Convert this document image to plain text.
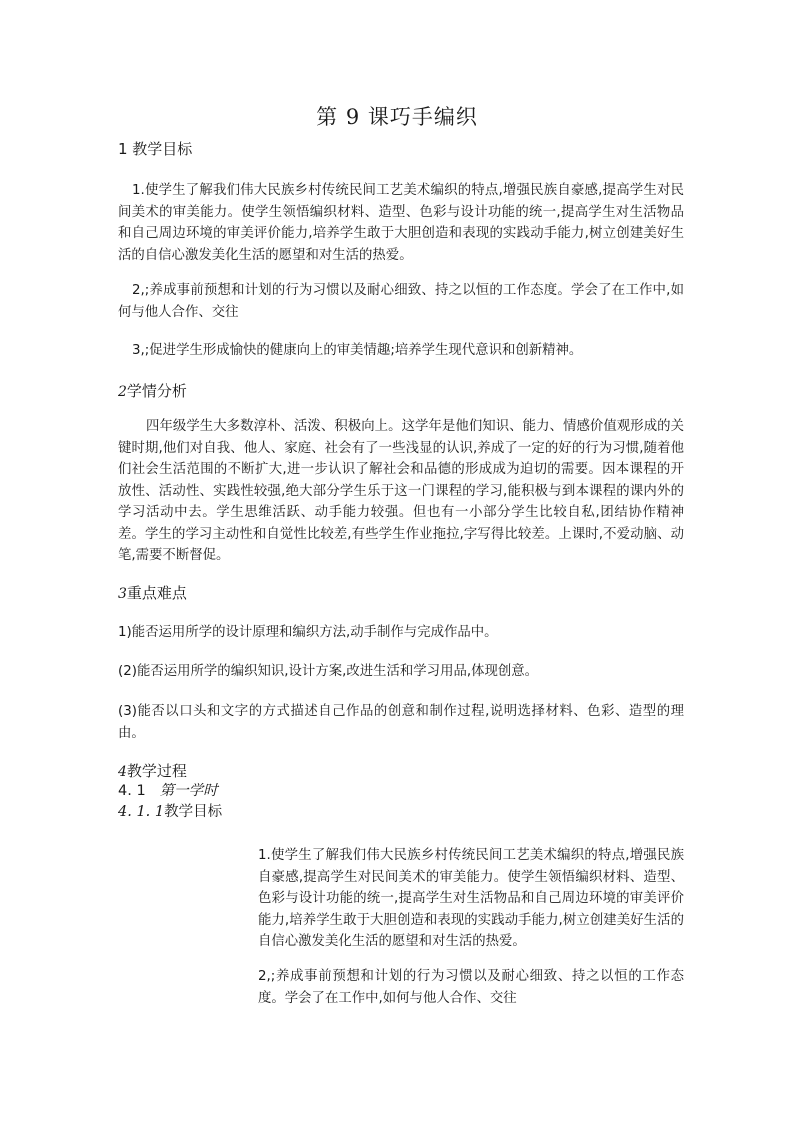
第 9 课巧手编织
1 教学目标
1.使学生了解我们伟大民族乡村传统民间工艺美术编织的特点,增强民族自豪感,提高学生对民间美术的审美能力。使学生领悟编织材料、造型、色彩与设计功能的统一,提高学生对生活物品和自己周边环境的审美评价能力,培养学生敢于大胆创造和表现的实践动手能力,树立创建美好生活的自信心激发美化生活的愿望和对生活的热爱。
2,;养成事前预想和计划的行为习惯以及耐心细致、持之以恒的工作态度。学会了在工作中,如何与他人合作、交往
3,;促进学生形成愉快的健康向上的审美情趣;培养学生现代意识和创新精神。
2学情分析
四年级学生大多数淳朴、活泼、积极向上。这学年是他们知识、能力、情感价值观形成的关键时期,他们对自我、他人、家庭、社会有了一些浅显的认识,养成了一定的好的行为习惯,随着他们社会生活范围的不断扩大,进一步认识了解社会和品德的形成成为迫切的需要。因本课程的开放性、活动性、实践性较强,绝大部分学生乐于这一门课程的学习,能积极与到本课程的课内外的学习活动中去。学生思维活跃、动手能力较强。但也有一小部分学生比较自私,团结协作精神差。学生的学习主动性和自觉性比较差,有些学生作业拖拉,字写得比较差。上课时,不爱动脑、动笔,需要不断督促。
3重点难点
1)能否运用所学的设计原理和编织方法,动手制作与完成作品中。
(2)能否运用所学的编织知识,设计方案,改进生活和学习用品,体现创意。
(3)能否以口头和文字的方式描述自己作品的创意和制作过程,说明选择材料、色彩、造型的理由。
4教学过程
4. 1 第一学时
4. 1. 1教学目标
1.使学生了解我们伟大民族乡村传统民间工艺美术编织的特点,增强民族自豪感,提高学生对民间美术的审美能力。使学生领悟编织材料、造型、色彩与设计功能的统一,提高学生对生活物品和自己周边环境的审美评价能力,培养学生敢于大胆创造和表现的实践动手能力,树立创建美好生活的自信心激发美化生活的愿望和对生活的热爱。
2,;养成事前预想和计划的行为习惯以及耐心细致、持之以恒的工作态度。学会了在工作中,如何与他人合作、交往
